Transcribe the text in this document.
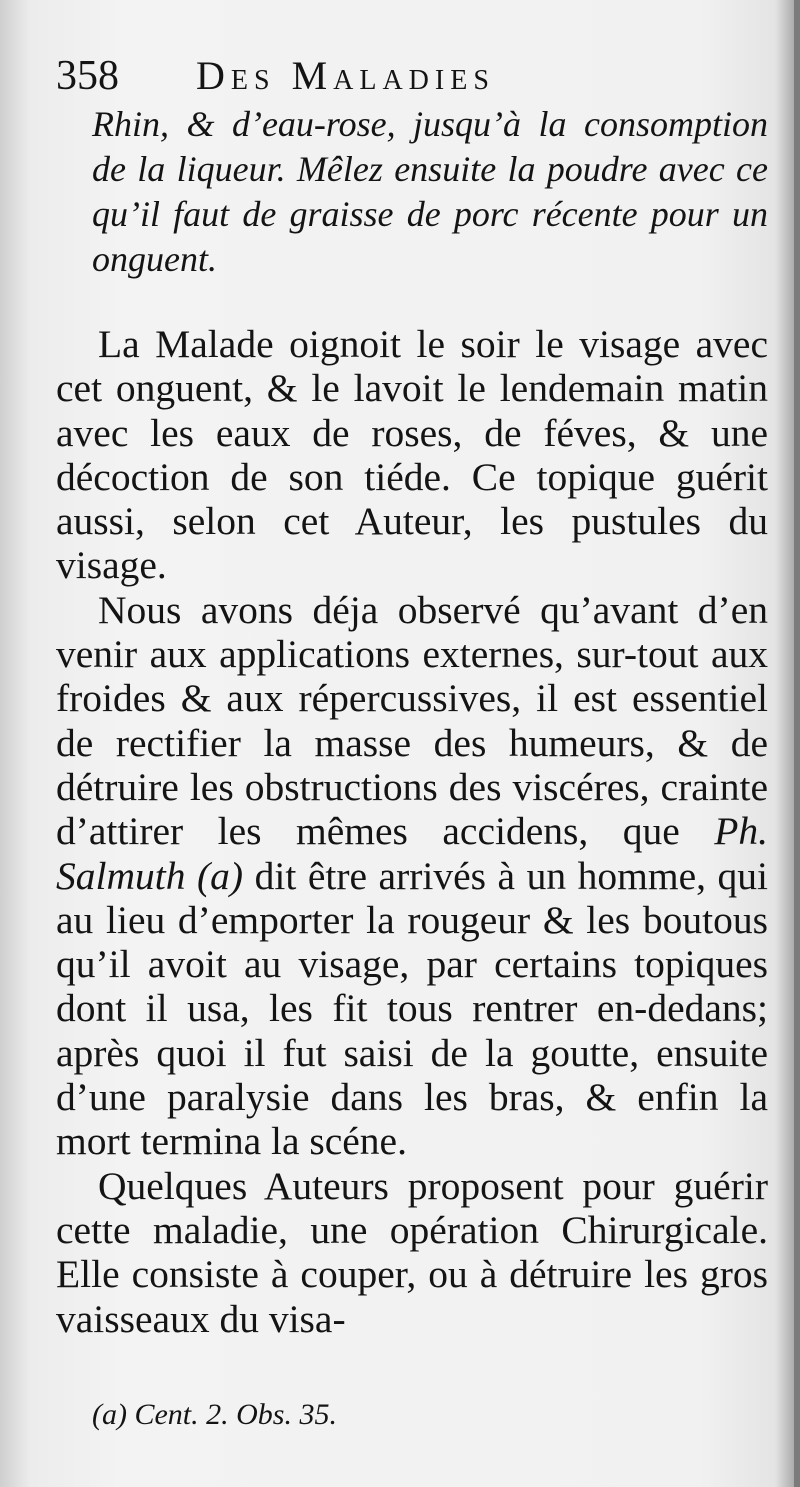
358	Des Maladies
Rhin, & d’eau-rose, jusqu’à la consomption de la liqueur. Mêlez ensuite la poudre avec ce qu’il faut de graisse de porc récente pour un onguent.

La Malade oignoit le soir le visage avec cet onguent, & le lavoit le lendemain matin avec les eaux de roses, de féves, & une décoction de son tiéde. Ce topique guérit aussi, selon cet Auteur, les pustules du visage.

Nous avons déja observé qu’avant d’en venir aux applications externes, sur-tout aux froides & aux répercussives, il est essentiel de rectifier la masse des humeurs, & de détruire les obstructions des viscéres, crainte d’attirer les mêmes accidens, que Ph. Salmuth (a) dit être arrivés à un homme, qui au lieu d’emporter la rougeur & les boutous qu’il avoit au visage, par certains topiques dont il usa, les fit tous rentrer en-dedans; après quoi il fut saisi de la goutte, ensuite d’une paralysie dans les bras, & enfin la mort termina la scéne.

Quelques Auteurs proposent pour guérir cette maladie, une opération Chirurgicale. Elle consiste à couper, ou à détruire les gros vaisseaux du visa-

(a) Cent. 2. Obs. 35.
